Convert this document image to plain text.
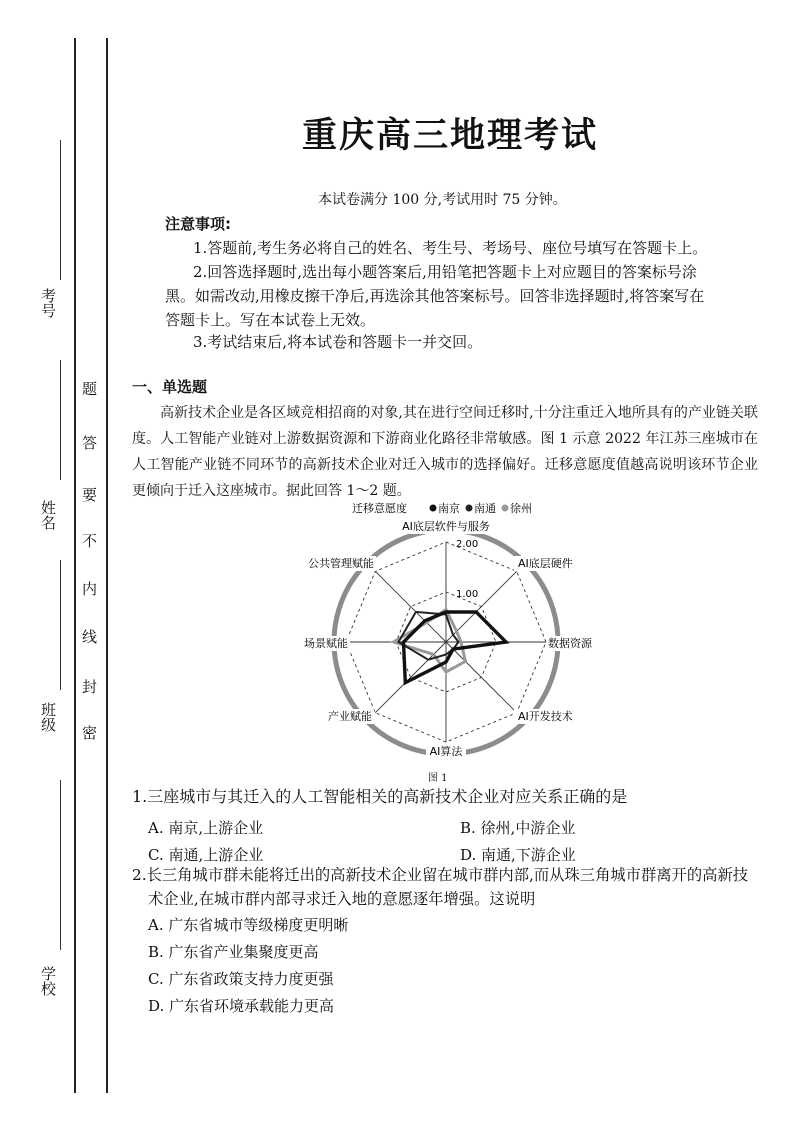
考号
姓名
班级
学校
题
答
要
不
内
线
封
密
重庆高三地理考试
本试卷满分 100 分,考试用时 75 分钟。
注意事项:
1.答题前,考生务必将自己的姓名、考生号、考场号、座位号填写在答题卡上。
2.回答选择题时,选出每小题答案后,用铅笔把答题卡上对应题目的答案标号涂
黑。如需改动,用橡皮擦干净后,再选涂其他答案标号。回答非选择题时,将答案写在
答题卡上。写在本试卷上无效。
3.考试结束后,将本试卷和答题卡一并交回。
一、单选题
高新技术企业是各区域竞相招商的对象,其在进行空间迁移时,十分注重迁入地所具有的产业链关联度。人工智能产业链对上游数据资源和下游商业化路径非常敏感。图 1 示意 2022 年江苏三座城市在人工智能产业链不同环节的高新技术企业对迁入城市的选择偏好。迁移意愿度值越高说明该环节企业更倾向于迁入这座城市。据此回答 1～2 题。
迁移意愿度	南京 南通 徐州
2.00
1.00
AI底层软件与服务
AI底层硬件
数据资源
AI开发技术
AI算法
产业赋能
场景赋能
公共管理赋能
图 1
1.三座城市与其迁入的人工智能相关的高新技术企业对应关系正确的是
A. 南京,上游企业	B. 徐州,中游企业
C. 南通,上游企业	D. 南通,下游企业
2.长三角城市群未能将迁出的高新技术企业留在城市群内部,而从珠三角城市群离开的高新技
术企业,在城市群内部寻求迁入地的意愿逐年增强。这说明
A. 广东省城市等级梯度更明晰
B. 广东省产业集聚度更高
C. 广东省政策支持力度更强
D. 广东省环境承载能力更高
